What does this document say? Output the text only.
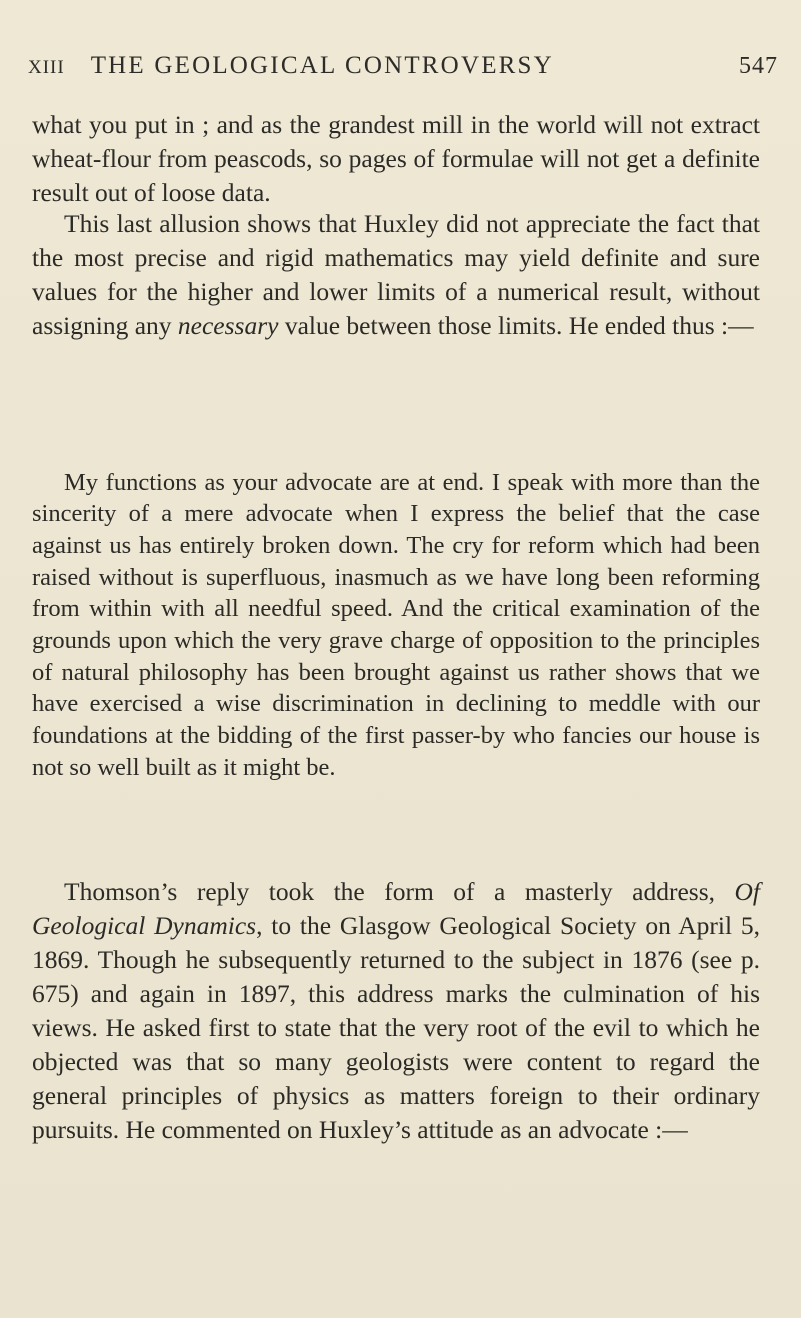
XIII THE GEOLOGICAL CONTROVERSY	547

what you put in ; and as the grandest mill in the world will not extract wheat-flour from peascods, so pages of formulae will not get a definite result out of loose data.

This last allusion shows that Huxley did not appreciate the fact that the most precise and rigid mathematics may yield definite and sure values for the higher and lower limits of a numerical result, without assigning any necessary value between those limits. He ended thus :—

My functions as your advocate are at end. I speak with more than the sincerity of a mere advocate when I express the belief that the case against us has entirely broken down. The cry for reform which had been raised without is superfluous, inasmuch as we have long been reforming from within with all needful speed. And the critical examination of the grounds upon which the very grave charge of opposition to the principles of natural philosophy has been brought against us rather shows that we have exercised a wise discrimination in declining to meddle with our foundations at the bidding of the first passer-by who fancies our house is not so well built as it might be.

Thomson’s reply took the form of a masterly address, Of Geological Dynamics, to the Glasgow Geological Society on April 5, 1869. Though he subsequently returned to the subject in 1876 (see p. 675) and again in 1897, this address marks the culmination of his views. He asked first to state that the very root of the evil to which he objected was that so many geologists were content to regard the general principles of physics as matters foreign to their ordinary pursuits. He commented on Huxley’s attitude as an advocate :—
